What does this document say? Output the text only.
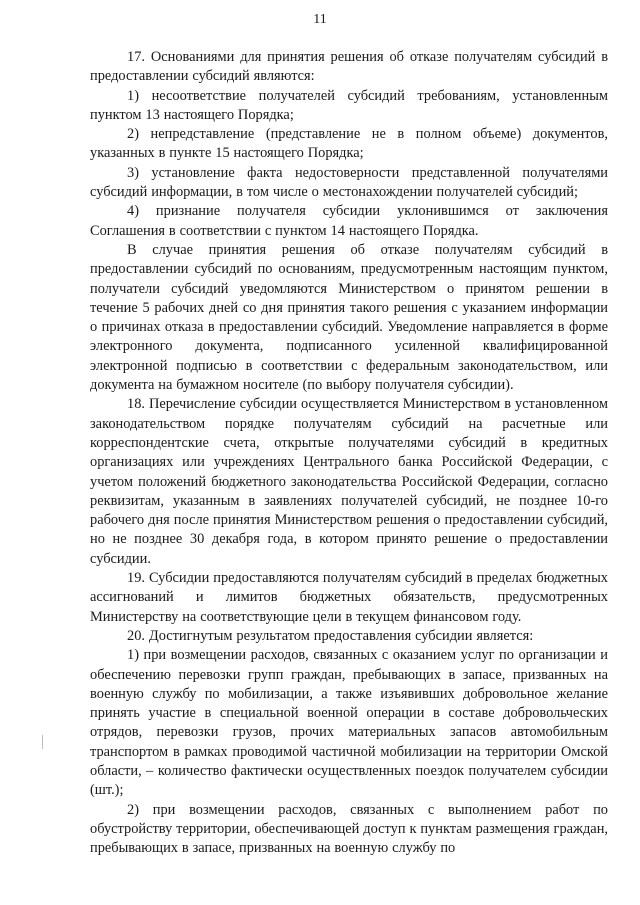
11

17. Основаниями для принятия решения об отказе получателям субсидий в предоставлении субсидий являются:

1) несоответствие получателей субсидий требованиям, установленным пунктом 13 настоящего Порядка;

2) непредставление (представление не в полном объеме) документов, указанных в пункте 15 настоящего Порядка;

3) установление факта недостоверности представленной получателями субсидий информации, в том числе о местонахождении получателей субсидий;

4) признание получателя субсидии уклонившимся от заключения Соглашения в соответствии с пунктом 14 настоящего Порядка.

В случае принятия решения об отказе получателям субсидий в предоставлении субсидий по основаниям, предусмотренным настоящим пунктом, получатели субсидий уведомляются Министерством о принятом решении в течение 5 рабочих дней со дня принятия такого решения с указанием информации о причинах отказа в предоставлении субсидий. Уведомление направляется в форме электронного документа, подписанного усиленной квалифицированной электронной подписью в соответствии с федеральным законодательством, или документа на бумажном носителе (по выбору получателя субсидии).

18. Перечисление субсидии осуществляется Министерством в установленном законодательством порядке получателям субсидий на расчетные или корреспондентские счета, открытые получателями субсидий в кредитных организациях или учреждениях Центрального банка Российской Федерации, с учетом положений бюджетного законодательства Российской Федерации, согласно реквизитам, указанным в заявлениях получателей субсидий, не позднее 10-го рабочего дня после принятия Министерством решения о предоставлении субсидий, но не позднее 30 декабря года, в котором принято решение о предоставлении субсидии.

19. Субсидии предоставляются получателям субсидий в пределах бюджетных ассигнований и лимитов бюджетных обязательств, предусмотренных Министерству на соответствующие цели в текущем финансовом году.

20. Достигнутым результатом предоставления субсидии является:

1) при возмещении расходов, связанных с оказанием услуг по организации и обеспечению перевозки групп граждан, пребывающих в запасе, призванных на военную службу по мобилизации, а также изъявивших добровольное желание принять участие в специальной военной операции в составе добровольческих отрядов, перевозки грузов, прочих материальных запасов автомобильным транспортом в рамках проводимой частичной мобилизации на территории Омской области, – количество фактически осуществленных поездок получателем субсидии (шт.);

2) при возмещении расходов, связанных с выполнением работ по обустройству территории, обеспечивающей доступ к пунктам размещения граждан, пребывающих в запасе, призванных на военную службу по
